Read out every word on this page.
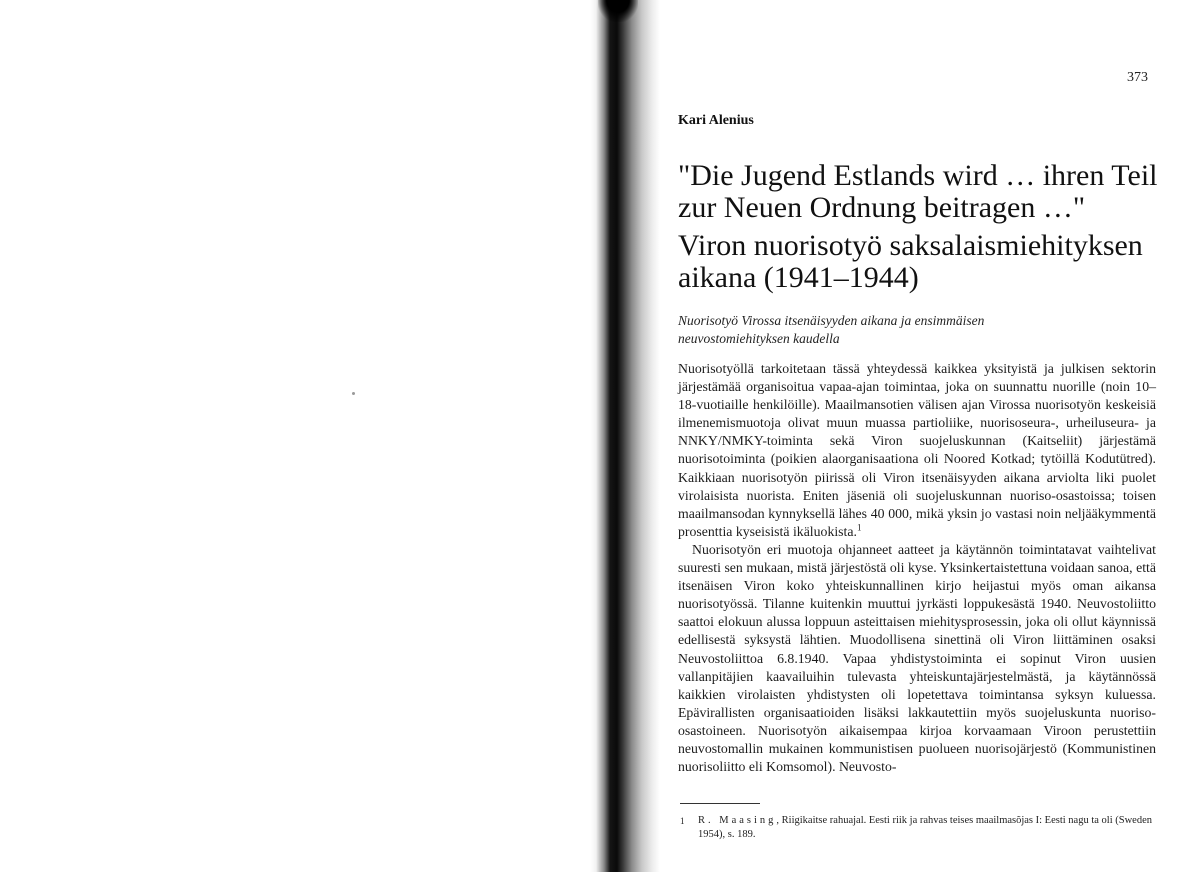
373
Kari Alenius
"Die Jugend Estlands wird … ihren Teil
zur Neuen Ordnung beitragen …"
Viron nuorisotyö saksalaismiehityksen
aikana (1941–1944)
Nuorisotyö Virossa itsenäisyyden aikana ja ensimmäisen
neuvostomiehityksen kaudella

Nuorisotyöllä tarkoitetaan tässä yhteydessä kaikkea yksityistä ja julkisen sektorin järjestämää organisoitua vapaa-ajan toimintaa, joka on suunnattu nuorille (noin 10–18-vuotiaille henkilöille). Maailmansotien välisen ajan Virossa nuorisotyön keskeisiä ilmenemismuotoja olivat muun muassa partioliike, nuorisoseura-, urheiluseura- ja NNKY/NMKY-toiminta sekä Viron suojeluskunnan (Kaitseliit) järjestämä nuorisotoiminta (poikien alaorganisaationa oli Noored Kotkad; tytöillä Kodutütred). Kaikkiaan nuorisotyön piirissä oli Viron itsenäisyyden aikana arviolta liki puolet virolaisista nuorista. Eniten jäseniä oli suojeluskunnan nuoriso-osastoissa; toisen maailmansodan kynnyksellä lähes 40 000, mikä yksin jo vastasi noin neljääkymmentä prosenttia kyseisistä ikäluokista.$^1$

Nuorisotyön eri muotoja ohjanneet aatteet ja käytännön toimintatavat vaihtelivat suuresti sen mukaan, mistä järjestöstä oli kyse. Yksinkertaistettuna voidaan sanoa, että itsenäisen Viron koko yhteiskunnallinen kirjo heijastui myös oman aikansa nuorisotyössä. Tilanne kuitenkin muuttui jyrkästi loppukesästä 1940. Neuvostoliitto saattoi elokuun alussa loppuun asteittaisen miehitysprosessin, joka oli ollut käynnissä edellisestä syksystä lähtien. Muodollisena sinettinä oli Viron liittäminen osaksi Neuvostoliittoa 6.8.1940. Vapaa yhdistystoiminta ei sopinut Viron uusien vallanpitäjien kaavailuihin tulevasta yhteiskuntajärjestelmästä, ja käytännössä kaikkien virolaisten yhdistysten oli lopetettava toimintansa syksyn kuluessa. Epävirallisten organisaatioiden lisäksi lakkautettiin myös suojeluskunta nuoriso-osastoineen. Nuorisotyön aikaisempaa kirjoa korvaamaan Viroon perustettiin neuvostomallin mukainen kommunistisen puolueen nuorisojärjestö (Kommunistinen nuorisoliitto eli Komsomol). Neuvosto-

1 R. Maasing, Riigikaitse rahuajal. Eesti riik ja rahvas teises maailmasõjas I: Eesti nagu ta oli (Sweden 1954), s. 189.
